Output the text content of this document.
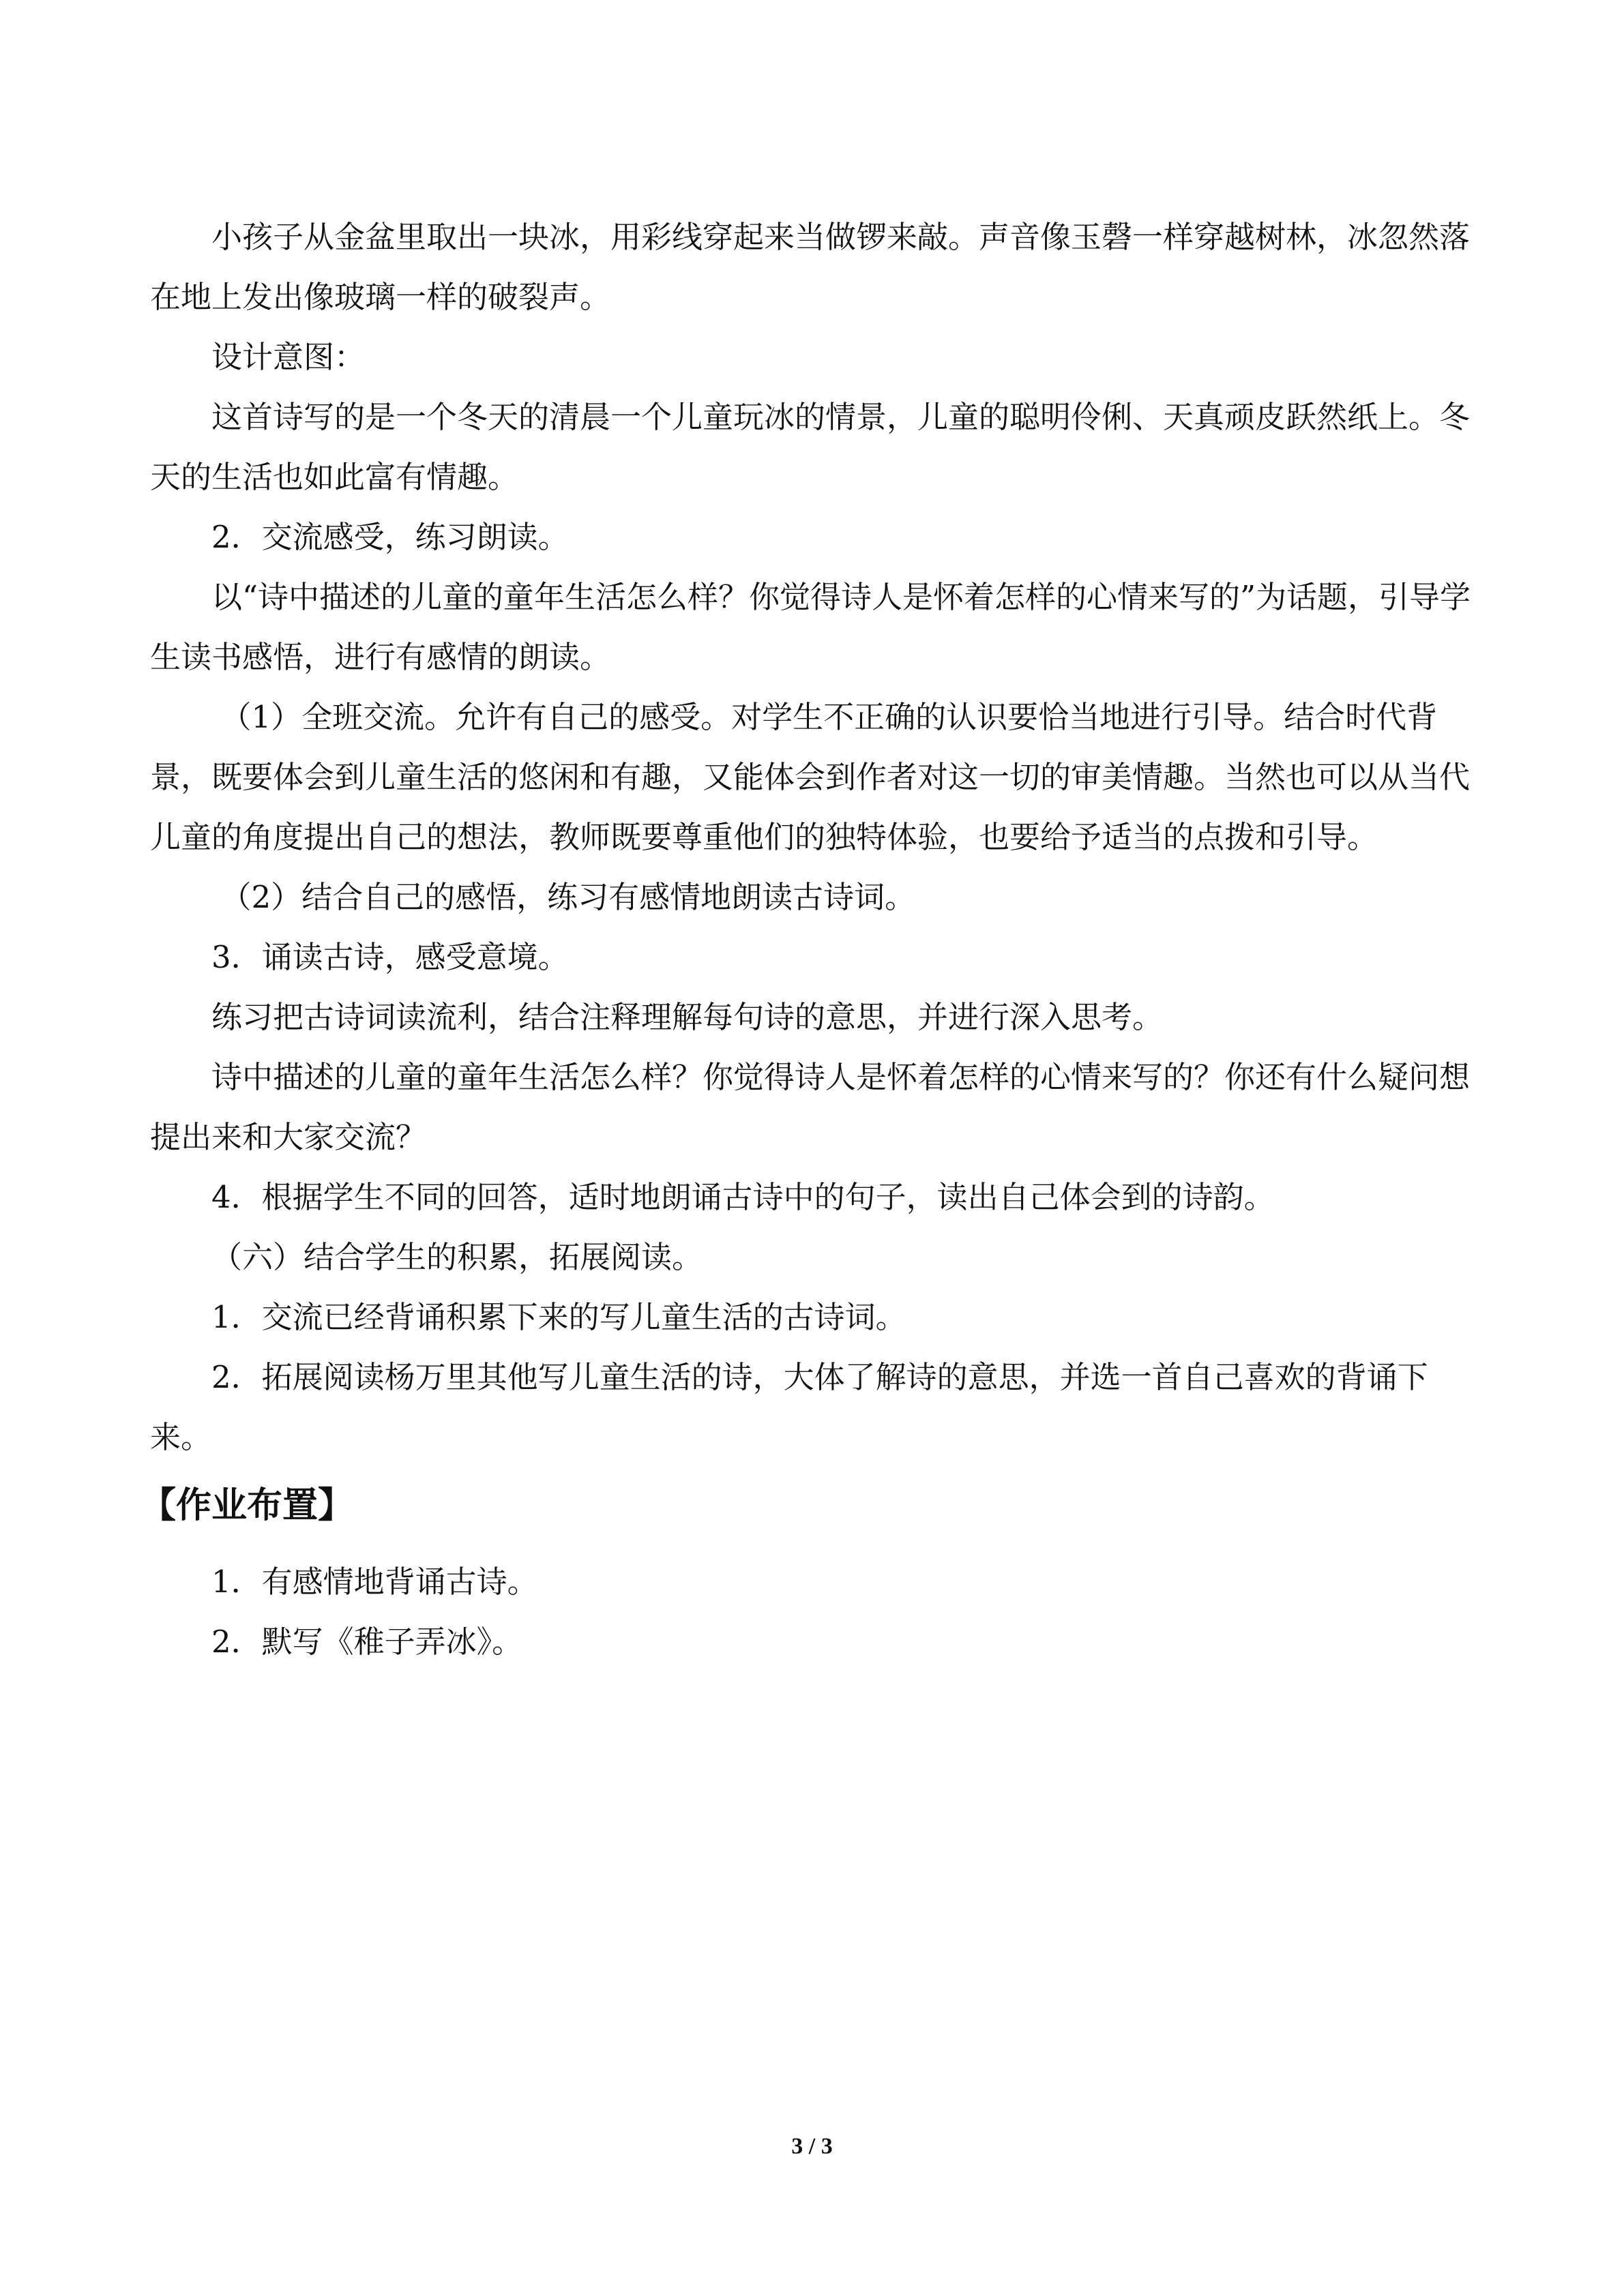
小孩子从金盆里取出一块冰，用彩线穿起来当做锣来敲。声音像玉磬一样穿越树林，冰忽然落在地上发出像玻璃一样的破裂声。

设计意图：

这首诗写的是一个冬天的清晨一个儿童玩冰的情景，儿童的聪明伶俐、天真顽皮跃然纸上。冬天的生活也如此富有情趣。

2．交流感受，练习朗读。

以“诗中描述的儿童的童年生活怎么样？你觉得诗人是怀着怎样的心情来写的”为话题，引导学生读书感悟，进行有感情的朗读。

（1）全班交流。允许有自己的感受。对学生不正确的认识要恰当地进行引导。结合时代背景，既要体会到儿童生活的悠闲和有趣，又能体会到作者对这一切的审美情趣。当然也可以从当代儿童的角度提出自己的想法，教师既要尊重他们的独特体验，也要给予适当的点拨和引导。

（2）结合自己的感悟，练习有感情地朗读古诗词。

3．诵读古诗，感受意境。

练习把古诗词读流利，结合注释理解每句诗的意思，并进行深入思考。

诗中描述的儿童的童年生活怎么样？你觉得诗人是怀着怎样的心情来写的？你还有什么疑问想提出来和大家交流？

4．根据学生不同的回答，适时地朗诵古诗中的句子，读出自己体会到的诗韵。

（六）结合学生的积累，拓展阅读。

1．交流已经背诵积累下来的写儿童生活的古诗词。

2．拓展阅读杨万里其他写儿童生活的诗，大体了解诗的意思，并选一首自己喜欢的背诵下来。

【作业布置】

1．有感情地背诵古诗。

2．默写《稚子弄冰》。

3 / 3
